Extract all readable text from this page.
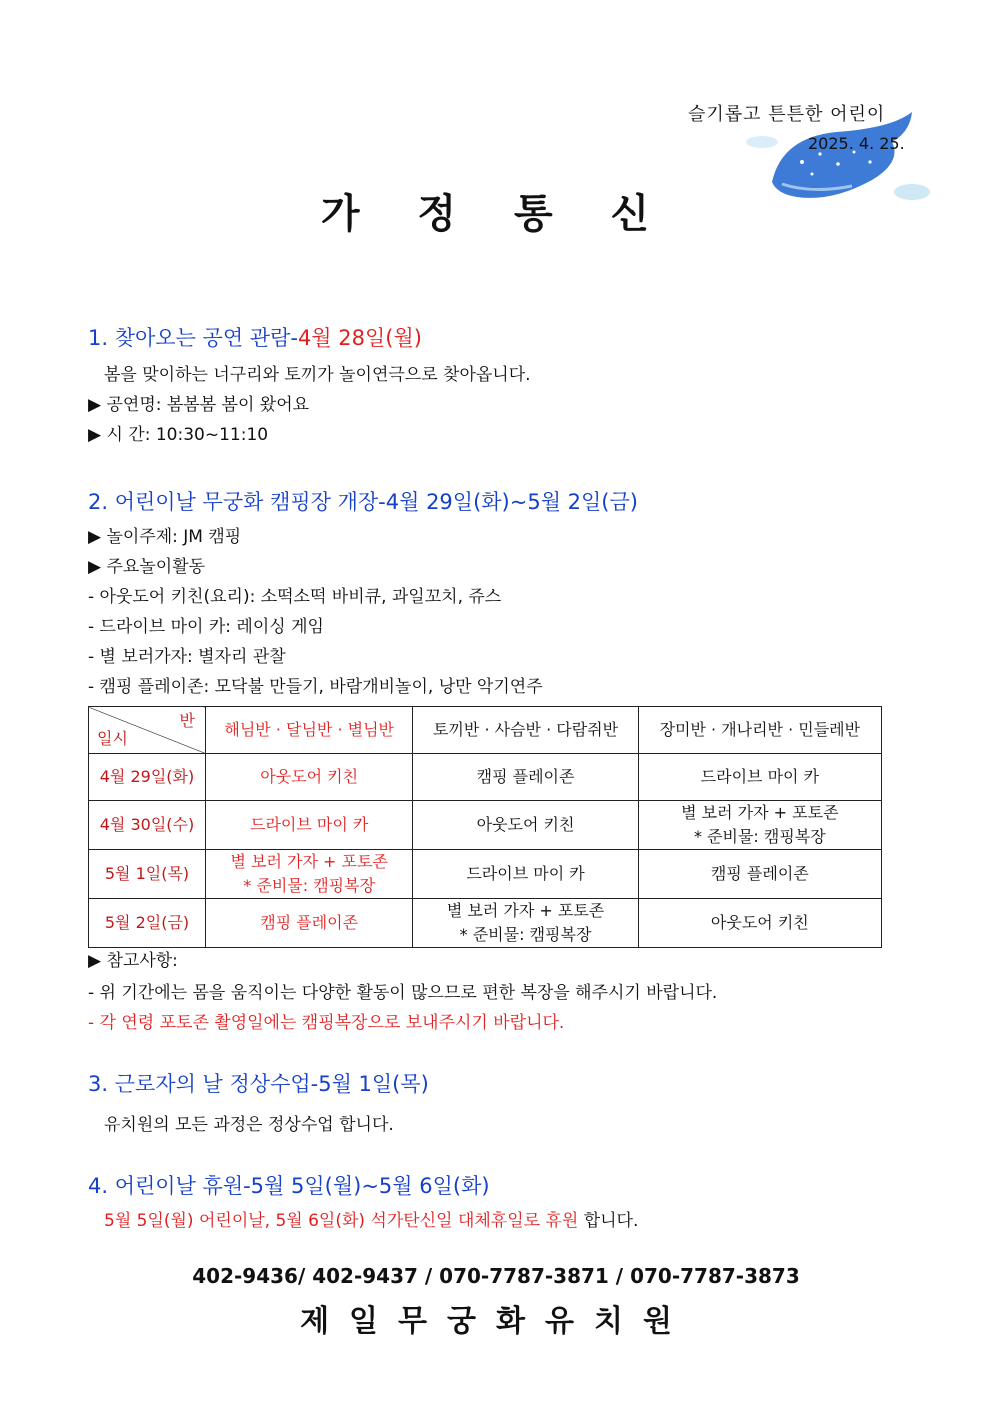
슬기롭고 튼튼한 어린이
2025. 4. 25.
가 정 통 신
1. 찾아오는 공연 관람-4월 28일(월)
봄을 맞이하는 너구리와 토끼가 놀이연극으로 찾아옵니다.
▶ 공연명: 봄봄봄 봄이 왔어요
▶ 시 간: 10:30~11:10
2. 어린이날 무궁화 캠핑장 개장-4월 29일(화)~5월 2일(금)
▶ 놀이주제: JM 캠핑
▶ 주요놀이활동
- 아웃도어 키친(요리): 소떡소떡 바비큐, 과일꼬치, 쥬스
- 드라이브 마이 카: 레이싱 게임
- 별 보러가자: 별자리 관찰
- 캠핑 플레이존: 모닥불 만들기, 바람개비놀이, 낭만 악기연주
반
일시	해님반 · 달님반 · 별님반	토끼반 · 사슴반 · 다람쥐반	장미반 · 개나리반 · 민들레반
4월 29일(화)	아웃도어 키친	캠핑 플레이존	드라이브 마이 카
4월 30일(수)	드라이브 마이 카	아웃도어 키친	별 보러 가자 + 포토존
* 준비물: 캠핑복장

5월 1일(목)	별 보러 가자 + 포토존
* 준비물: 캠핑복장	드라이브 마이 카	캠핑 플레이존
5월 2일(금)	캠핑 플레이존	별 보러 가자 + 포토존
* 준비물: 캠핑복장	아웃도어 키친
▶ 참고사항:
- 위 기간에는 몸을 움직이는 다양한 활동이 많으므로 편한 복장을 해주시기 바랍니다.
- 각 연령 포토존 촬영일에는 캠핑복장으로 보내주시기 바랍니다.
3. 근로자의 날 정상수업-5월 1일(목)
유치원의 모든 과정은 정상수업 합니다.
4. 어린이날 휴원-5월 5일(월)~5월 6일(화)
5월 5일(월) 어린이날, 5월 6일(화) 석가탄신일 대체휴일로 휴원 합니다.
402-9436/ 402-9437 / 070-7787-3871 / 070-7787-3873
제일무궁화유치원
